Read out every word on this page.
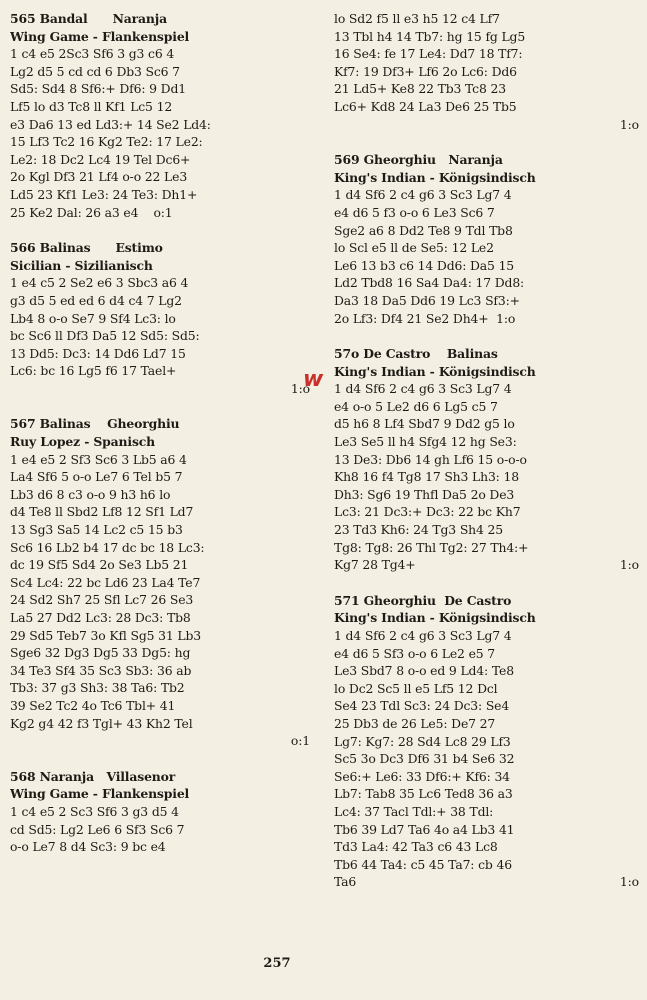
565 Bandal      Naranja
Wing Game - Flankenspiel
1 c4 e5 2Sc3 Sf6 3 g3 c6 4
Lg2 d5 5 cd cd 6 Db3 Sc6 7
Sd5: Sd4 8 Sf6:+ Df6: 9 Dd1
Lf5 lo d3 Tc8 ll Kf1 Lc5 12
e3 Da6 13 ed Ld3:+ 14 Se2 Ld4:
15 Lf3 Tc2 16 Kg2 Te2: 17 Le2:
Le2: 18 Dc2 Lc4 19 Tel Dc6+
2o Kgl Df3 21 Lf4 o-o 22 Le3
Ld5 23 Kf1 Le3: 24 Te3: Dh1+
25 Ke2 Dal: 26 a3 e4    o:1
566 Balinas      Estimo
Sicilian - Sizilianisch
1 e4 c5 2 Se2 e6 3 Sbc3 a6 4
g3 d5 5 ed ed 6 d4 c4 7 Lg2
Lb4 8 o-o Se7 9 Sf4 Lc3: lo
bc Sc6 ll Df3 Da5 12 Sd5: Sd5:
13 Dd5: Dc3: 14 Dd6 Ld7 15
Lc6: bc 16 Lg5 f6 17 Tael+
1:o
567 Balinas    Gheorghiu
Ruy Lopez - Spanisch
1 e4 e5 2 Sf3 Sc6 3 Lb5 a6 4
La4 Sf6 5 o-o Le7 6 Tel b5 7
Lb3 d6 8 c3 o-o 9 h3 h6 lo
d4 Te8 ll Sbd2 Lf8 12 Sf1 Ld7
13 Sg3 Sa5 14 Lc2 c5 15 b3
Sc6 16 Lb2 b4 17 dc bc 18 Lc3:
dc 19 Sf5 Sd4 2o Se3 Lb5 21
Sc4 Lc4: 22 bc Ld6 23 La4 Te7
24 Sd2 Sh7 25 Sfl Lc7 26 Se3
La5 27 Dd2 Lc3: 28 Dc3: Tb8
29 Sd5 Teb7 3o Kfl Sg5 31 Lb3
Sge6 32 Dg3 Dg5 33 Dg5: hg
34 Te3 Sf4 35 Sc3 Sb3: 36 ab
Tb3: 37 g3 Sh3: 38 Ta6: Tb2
39 Se2 Tc2 4o Tc6 Tbl+ 41
Kg2 g4 42 f3 Tgl+ 43 Kh2 Tel
o:1
568 Naranja   Villasenor
Wing Game - Flankenspiel
1 c4 e5 2 Sc3 Sf6 3 g3 d5 4
cd Sd5: Lg2 Le6 6 Sf3 Sc6 7
o-o Le7 8 d4 Sc3: 9 bc e4
w
lo Sd2 f5 ll e3 h5 12 c4 Lf7
13 Tbl h4 14 Tb7: hg 15 fg Lg5
16 Se4: fe 17 Le4: Dd7 18 Tf7:
Kf7: 19 Df3+ Lf6 2o Lc6: Dd6
21 Ld5+ Ke8 22 Tb3 Tc8 23
Lc6+ Kd8 24 La3 De6 25 Tb5
1:o
569 Gheorghiu   Naranja
King's Indian - Königsindisch
1 d4 Sf6 2 c4 g6 3 Sc3 Lg7 4
e4 d6 5 f3 o-o 6 Le3 Sc6 7
Sge2 a6 8 Dd2 Te8 9 Tdl Tb8
lo Scl e5 ll de Se5: 12 Le2
Le6 13 b3 c6 14 Dd6: Da5 15
Ld2 Tbd8 16 Sa4 Da4: 17 Dd8:
Da3 18 Da5 Dd6 19 Lc3 Sf3:+
2o Lf3: Df4 21 Se2 Dh4+  1:o
57o De Castro    Balinas
King's Indian - Königsindisch
1 d4 Sf6 2 c4 g6 3 Sc3 Lg7 4
e4 o-o 5 Le2 d6 6 Lg5 c5 7
d5 h6 8 Lf4 Sbd7 9 Dd2 g5 lo
Le3 Se5 ll h4 Sfg4 12 hg Se3:
13 De3: Db6 14 gh Lf6 15 o-o-o
Kh8 16 f4 Tg8 17 Sh3 Lh3: 18
Dh3: Sg6 19 Thfl Da5 2o De3
Lc3: 21 Dc3:+ Dc3: 22 bc Kh7
23 Td3 Kh6: 24 Tg3 Sh4 25
Tg8: Tg8: 26 Thl Tg2: 27 Th4:+
Kg7 28 Tg4+	1:o
571 Gheorghiu  De Castro
King's Indian - Königsindisch
1 d4 Sf6 2 c4 g6 3 Sc3 Lg7 4
e4 d6 5 Sf3 o-o 6 Le2 e5 7
Le3 Sbd7 8 o-o ed 9 Ld4: Te8
lo Dc2 Sc5 ll e5 Lf5 12 Dcl
Se4 23 Tdl Sc3: 24 Dc3: Se4
25 Db3 de 26 Le5: De7 27
Lg7: Kg7: 28 Sd4 Lc8 29 Lf3
Sc5 3o Dc3 Df6 31 b4 Se6 32
Se6:+ Le6: 33 Df6:+ Kf6: 34
Lb7: Tab8 35 Lc6 Ted8 36 a3
Lc4: 37 Tacl Tdl:+ 38 Tdl:
Tb6 39 Ld7 Ta6 4o a4 Lb3 41
Td3 La4: 42 Ta3 c6 43 Lc8
Tb6 44 Ta4: c5 45 Ta7: cb 46
Ta6	1:o
257
